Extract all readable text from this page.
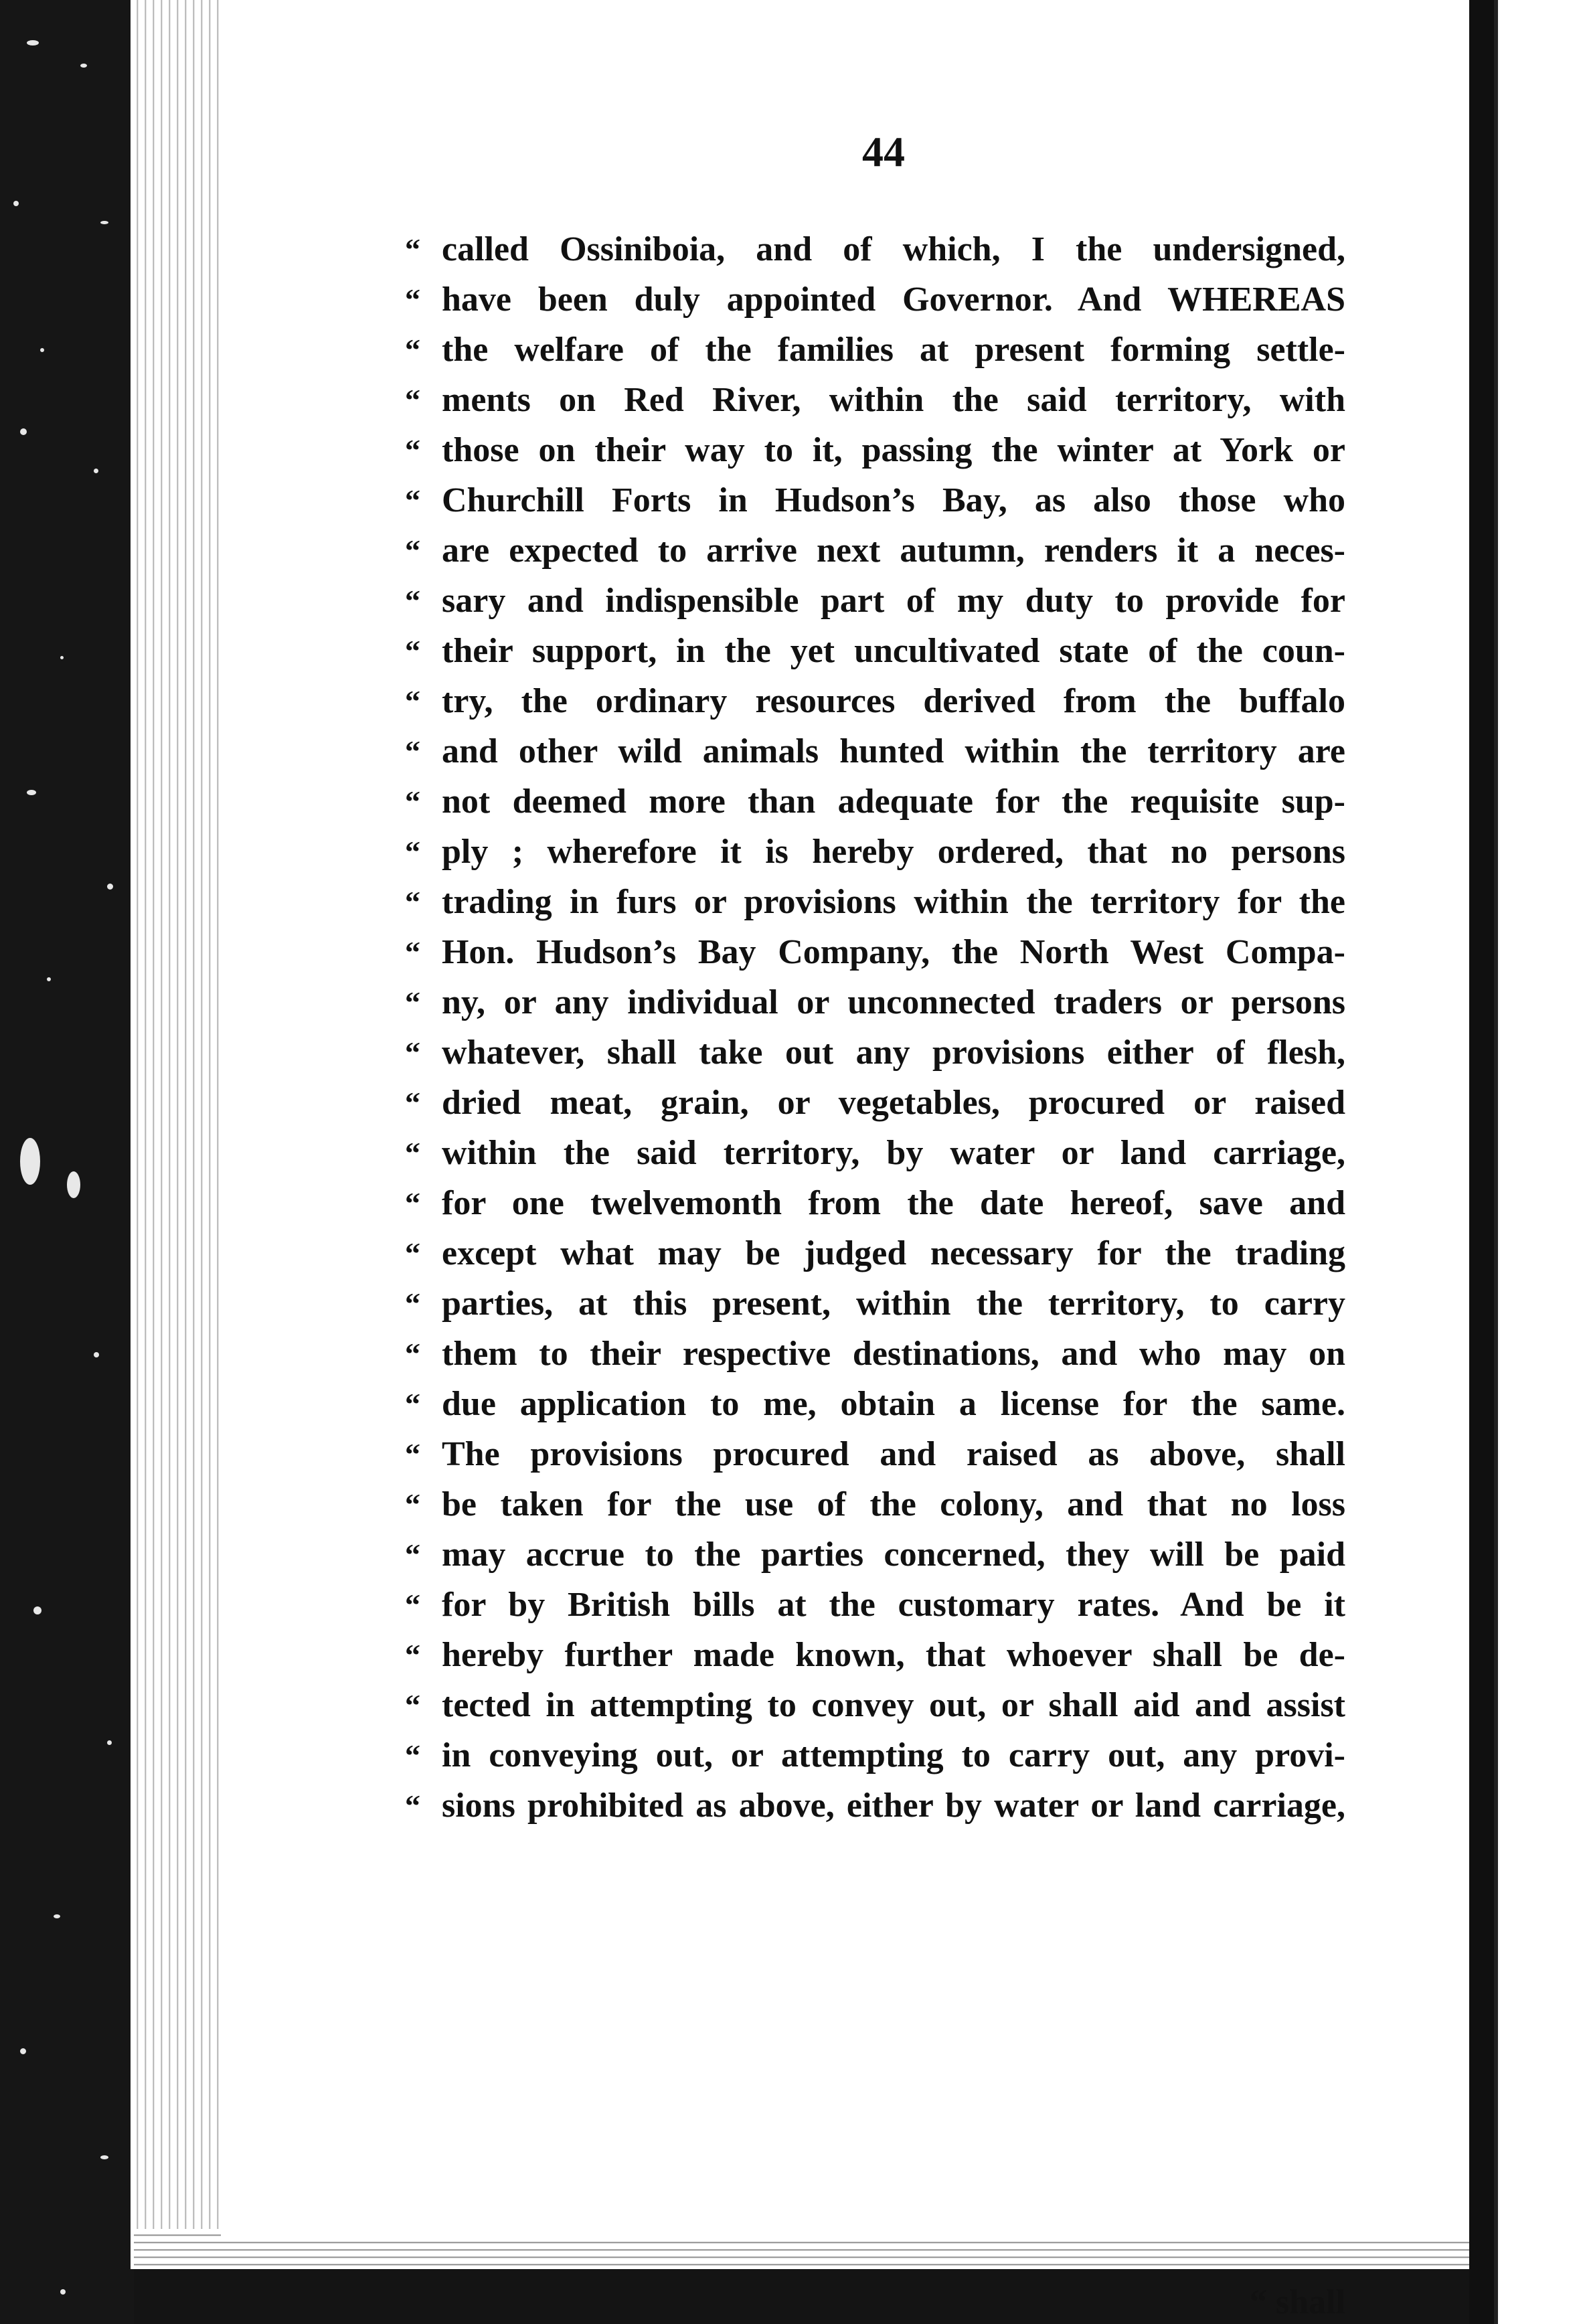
44
“ called Ossiniboia, and of which, I the undersigned,
“ have been duly appointed Governor. And WHEREAS
“ the welfare of the families at present forming settle-
“ ments on Red River, within the said territory, with
“ those on their way to it, passing the winter at York or
“ Churchill Forts in Hudson’s Bay, as also those who
“ are expected to arrive next autumn, renders it a neces-
“ sary and indispensible part of my duty to provide for
“ their support, in the yet uncultivated state of the coun-
“ try, the ordinary resources derived from the buffalo
“ and other wild animals hunted within the territory are
“ not deemed more than adequate for the requisite sup-
“ ply ; wherefore it is hereby ordered, that no persons
“ trading in furs or provisions within the territory for the
“ Hon. Hudson’s Bay Company, the North West Compa-
“ ny, or any individual or unconnected traders or persons
“ whatever, shall take out any provisions either of flesh,
“ dried meat, grain, or vegetables, procured or raised
“ within the said territory, by water or land carriage,
“ for one twelvemonth from the date hereof, save and
“ except what may be judged necessary for the trading
“ parties, at this present, within the territory, to carry
“ them to their respective destinations, and who may on
“ due application to me, obtain a license for the same.
“ The provisions procured and raised as above, shall
“ be taken for the use of the colony, and that no loss
“ may accrue to the parties concerned, they will be paid
“ for by British bills at the customary rates. And be it
“ hereby further made known, that whoever shall be de-
“ tected in attempting to convey out, or shall aid and assist
“ in conveying out, or attempting to carry out, any provi-
“ sions prohibited as above, either by water or land carriage,
“ shall
